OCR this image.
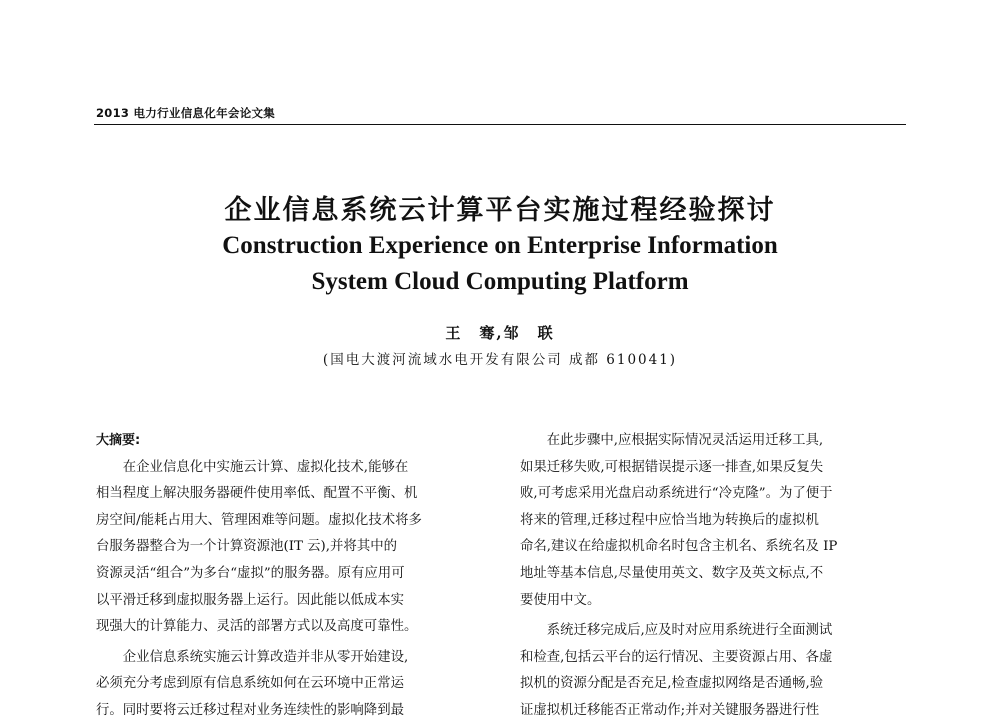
2013 电力行业信息化年会论文集
企业信息系统云计算平台实施过程经验探讨
Construction Experience on Enterprise Information
System Cloud Computing Platform
王　骞,邹　联
(国电大渡河流域水电开发有限公司 成都 610041)
大摘要:
　　在企业信息化中实施云计算、虚拟化技术,能够在
相当程度上解决服务器硬件使用率低、配置不平衡、机
房空间/能耗占用大、管理困难等问题。虚拟化技术将多
台服务器整合为一个计算资源池(IT 云),并将其中的
资源灵活“组合”为多台“虚拟”的服务器。原有应用可
以平滑迁移到虚拟服务器上运行。因此能以低成本实
现强大的计算能力、灵活的部署方式以及高度可靠性。
　　企业信息系统实施云计算改造并非从零开始建设,
必须充分考虑到原有信息系统如何在云环境中正常运
行。同时要将云迁移过程对业务连续性的影响降到最
　　在此步骤中,应根据实际情况灵活运用迁移工具,
如果迁移失败,可根据错误提示逐一排查,如果反复失
败,可考虑采用光盘启动系统进行“冷克隆”。为了便于
将来的管理,迁移过程中应恰当地为转换后的虚拟机
命名,建议在给虚拟机命名时包含主机名、系统名及 IP
地址等基本信息,尽量使用英文、数字及英文标点,不
要使用中文。
　　系统迁移完成后,应及时对应用系统进行全面测试
和检查,包括云平台的运行情况、主要资源占用、各虚
拟机的资源分配是否充足,检查虚拟网络是否通畅,验
证虚拟机迁移能否正常动作;并对关键服务器进行性
